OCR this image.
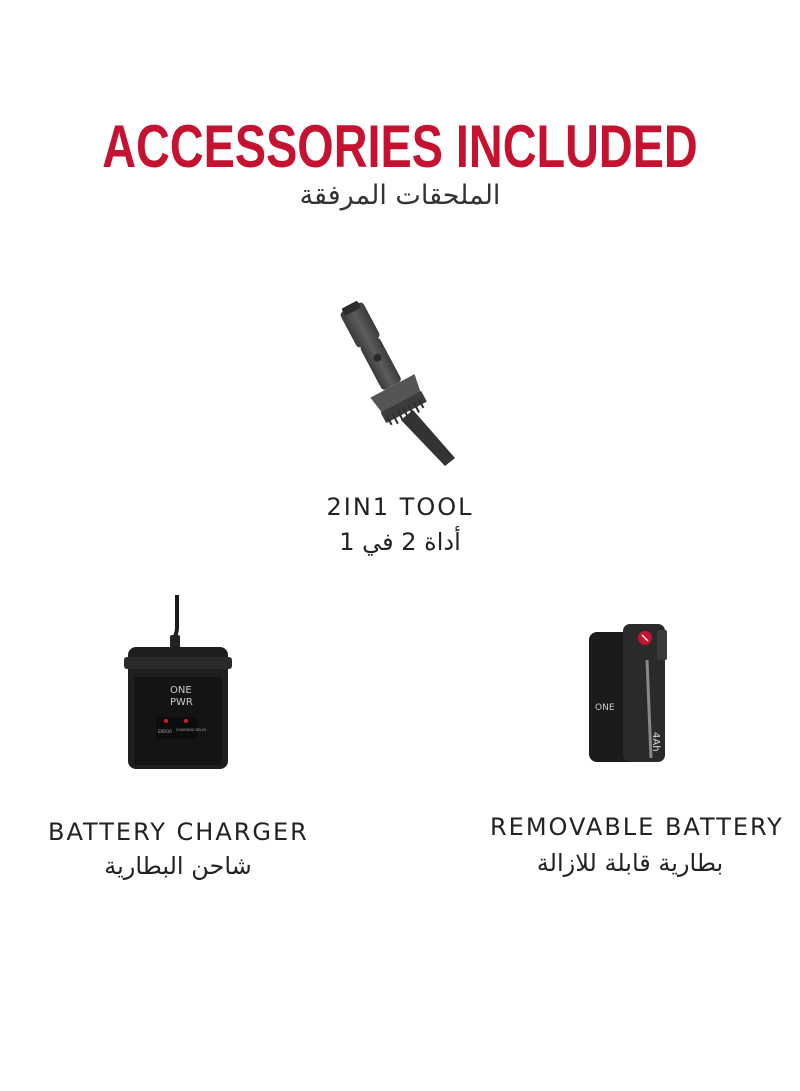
ACCESSORIES INCLUDED
الملحقات المرفقة
2IN1 TOOL
أداة 2 في 1
ONE
PWR
ERROR CHARGING DELAY
BATTERY CHARGER
شاحن البطارية
ONE
4Ah
REMOVABLE BATTERY
بطارية قابلة للازالة
